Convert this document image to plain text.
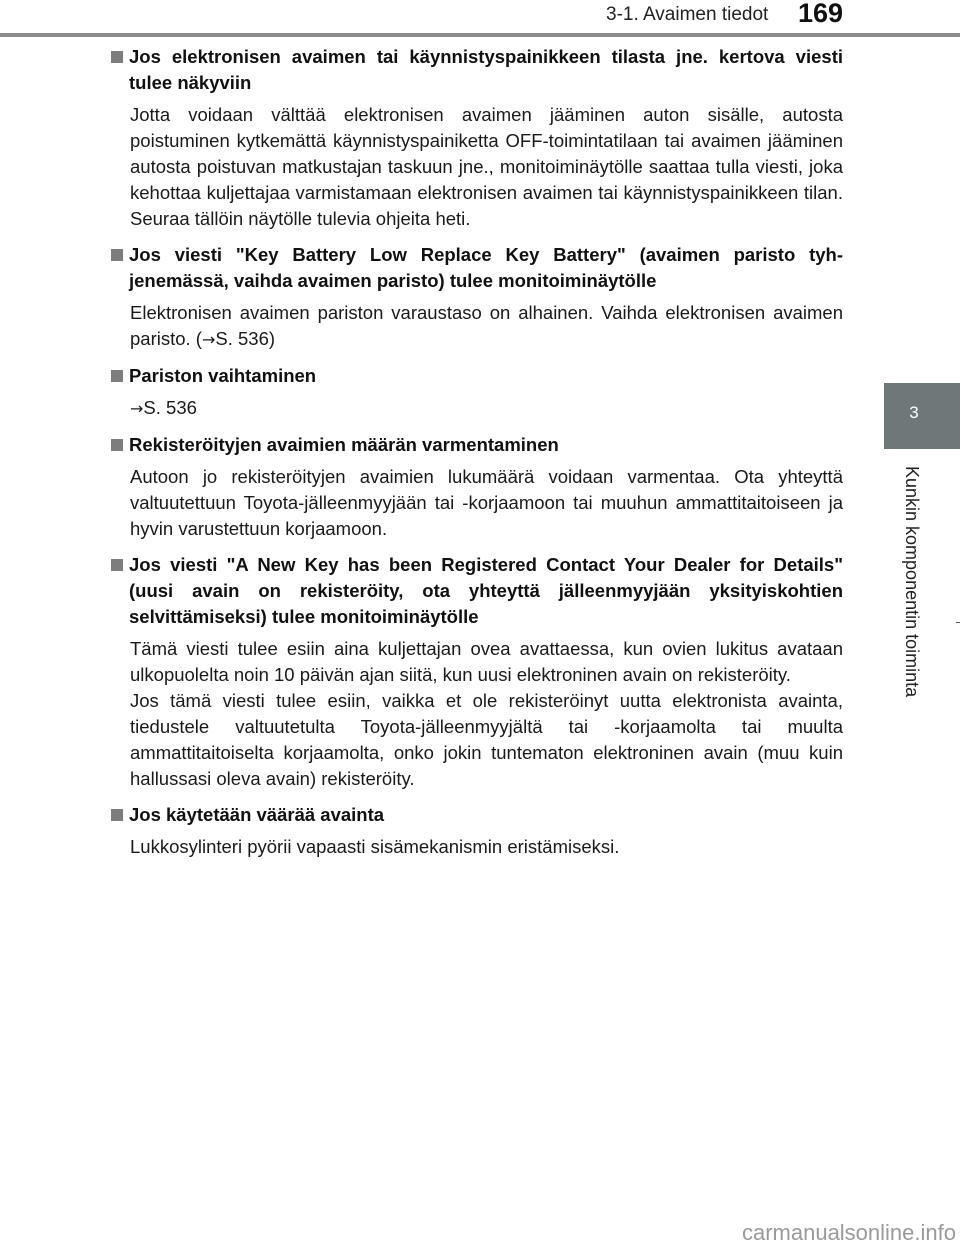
3-1. Avaimen tiedot	169
3
Kunkin komponentin toiminta
Jos elektronisen avaimen tai käynnistyspainikkeen tilasta jne. kertova viesti tulee näkyviin
Jotta voidaan välttää elektronisen avaimen jääminen auton sisälle, autosta poistuminen kytkemättä käynnistyspainiketta OFF-toimintatilaan tai avaimen jääminen autosta poistuvan matkustajan taskuun jne., monitoiminäytölle saattaa tulla viesti, joka kehottaa kuljettajaa varmistamaan elektronisen avaimen tai käynnistyspainikkeen tilan. Seuraa tällöin näytölle tulevia ohjeita heti.
Jos viesti "Key Battery Low Replace Key Battery" (avaimen paristo tyhjenemässä, vaihda avaimen paristo) tulee monitoiminäytölle
Elektronisen avaimen pariston varaustaso on alhainen. Vaihda elektronisen avaimen paristo. (→S. 536)
Pariston vaihtaminen
→S. 536
Rekisteröityjen avaimien määrän varmentaminen
Autoon jo rekisteröityjen avaimien lukumäärä voidaan varmentaa. Ota yhteyttä valtuutettuun Toyota-jälleenmyyjään tai -korjaamoon tai muuhun ammattitaitoiseen ja hyvin varustettuun korjaamoon.
Jos viesti "A New Key has been Registered Contact Your Dealer for Details" (uusi avain on rekisteröity, ota yhteyttä jälleenmyyjään yksityiskohtien selvittämiseksi) tulee monitoiminäytölle
Tämä viesti tulee esiin aina kuljettajan ovea avattaessa, kun ovien lukitus avataan ulkopuolelta noin 10 päivän ajan siitä, kun uusi elektroninen avain on rekisteröity.
Jos tämä viesti tulee esiin, vaikka et ole rekisteröinyt uutta elektronista avainta, tiedustele valtuutetulta Toyota-jälleenmyyjältä tai -korjaamolta tai muulta ammattitaitoiselta korjaamolta, onko jokin tuntematon elektroninen avain (muu kuin hallussasi oleva avain) rekisteröity.
Jos käytetään väärää avainta
Lukkosylinteri pyörii vapaasti sisämekanismin eristämiseksi.
carmanualsonline.info
